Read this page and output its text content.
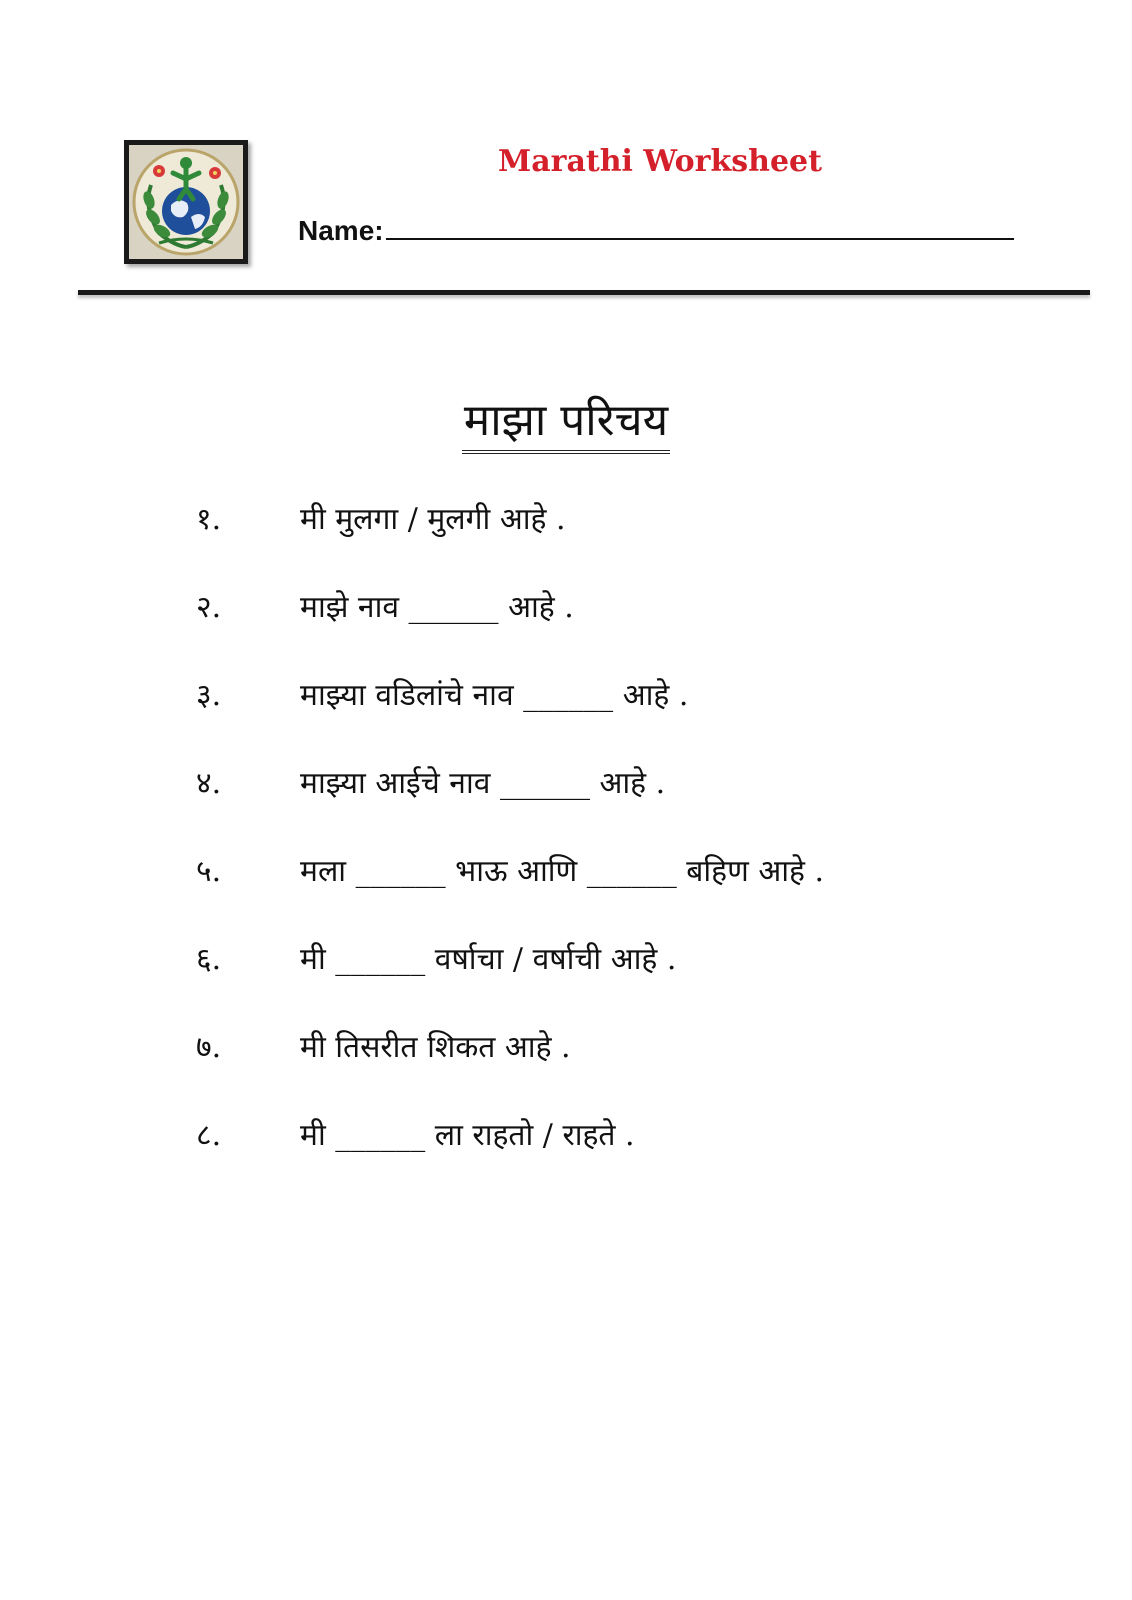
Marathi Worksheet
Name:
माझा परिचय
१.	मी मुलगा / मुलगी आहे .
२.	माझे नाव ______ आहे .
३.	माझ्या वडिलांचे नाव ______ आहे .
४.	माझ्या आईचे नाव ______ आहे .
५.	मला ______ भाऊ आणि ______ बहिण आहे .
६.	मी ______ वर्षाचा / वर्षाची आहे .
७.	मी तिसरीत शिकत आहे .
८.	मी ______ ला राहतो / राहते .
